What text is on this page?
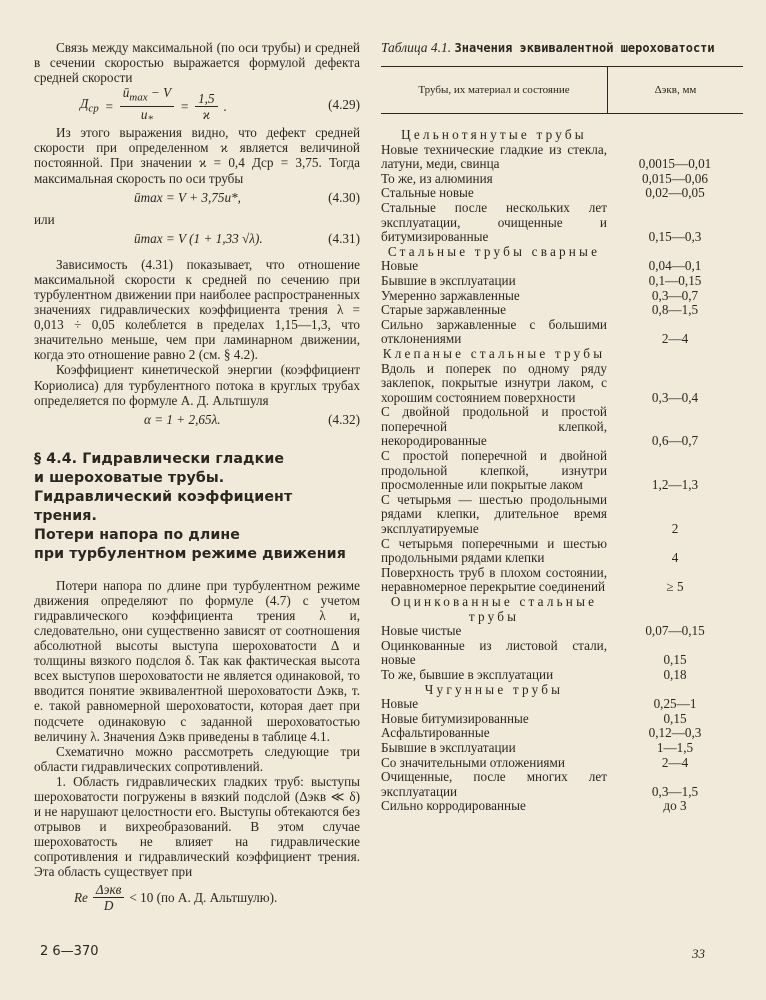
Связь между максимальной (по оси трубы) и средней в сечении скоростью выражается формулой дефекта средней скорости

$Д_{ср} = \frac{ū_{max} - V}{u_*} = \frac{1,5}{ϰ}$ .	(4.29)

Из этого выражения видно, что дефект средней скорости при определенном ϰ является величиной постоянной. При значении ϰ = 0,4 Дср = 3,75. Тогда максимальная скорость по оси трубы

ūmax = V + 3,75u*,	(4.30)

или

ūmax = V (1 + 1,33 √λ).	(4.31)

Зависимость (4.31) показывает, что отношение максимальной скорости к средней по сечению при турбулентном движении при наиболее распространенных значениях гидравлических коэффициента трения λ = 0,013 ÷ 0,05 колеблется в пределах 1,15—1,3, что значительно меньше, чем при ламинарном движении, когда это отношение равно 2 (см. § 4.2).

Коэффициент кинетической энергии (коэффициент Кориолиса) для турбулентного потока в круглых трубах определяется по формуле А. Д. Альтшуля

α = 1 + 2,65λ.	(4.32)
§ 4.4. Гидравлически гладкие
и шероховатые трубы.
Гидравлический коэффициент трения.
Потери напора по длине
при турбулентном режиме движения

Потери напора по длине при турбулентном режиме движения определяют по формуле (4.7) с учетом гидравлического коэффициента трения λ и, следовательно, они существенно зависят от соотношения абсолютной высоты выступа шероховатости Δ и толщины вязкого подслоя δ. Так как фактическая высота всех выступов шероховатости не является одинаковой, то вводится понятие эквивалентной шероховатости Δэкв, т. е. такой равномерной шероховатости, которая дает при подсчете одинаковую с заданной шероховатостью величину λ. Значения Δэкв приведены в таблице 4.1.

Схематично можно рассмотреть следующие три области гидравлических сопротивлений.

1. Область гидравлических гладких труб: выступы шероховатости погружены в вязкий подслой (Δэкв ≪ δ) и не нарушают целостности его. Выступы обтекаются без отрывов и вихреобразований. В этом случае шероховатость не влияет на гидравлические сопротивления и гидравлический коэффициент трения. Эта область существует при

Re $\frac{\text{Δэкв}}{D} < 10$ (по А. Д. Альтшулю).

Таблица 4.1. Значения эквивалентной шероховатости
Трубы, их материал и состояние	Δэкв, мм
Цельнотянутые трубы
Новые технические гладкие из стекла, латуни, меди, свинца	0,0015—0,01
То же, из алюминия	0,015—0,06
Стальные новые	0,02—0,05
Стальные после нескольких лет эксплуатации, очищенные и битумизированные	0,15—0,3
Стальные трубы сварные
Новые	0,04—0,1
Бывшие в эксплуатации	0,1—0,15
Умеренно заржавленные	0,3—0,7
Старые заржавленные	0,8—1,5
Сильно заржавленные с большими отклонениями	2—4
Клепаные стальные трубы
Вдоль и поперек по одному ряду заклепок, покрытые изнутри лаком, с хорошим состоянием поверхности	0,3—0,4
С двойной продольной и простой поперечной клепкой, некородированные	0,6—0,7
С простой поперечной и двойной продольной клепкой, изнутри просмоленные или покрытые лаком	1,2—1,3
С четырьмя — шестью продольными рядами клепки, длительное время эксплуатируемые	2
С четырьмя поперечными и шестью продольными рядами клепки	4
Поверхность труб в плохом состоянии, неравномерное перекрытие соединений	≥ 5
Оцинкованные стальные трубы
Новые чистые	0,07—0,15
Оцинкованные из листовой стали, новые	0,15
То же, бывшие в эксплуатации	0,18
Чугунные трубы
Новые	0,25—1
Новые битумизированные	0,15
Асфальтированные	0,12—0,3
Бывшие в эксплуатации	1—1,5
Со значительными отложениями	2—4
Очищенные, после многих лет эксплуатации	0,3—1,5
Сильно корродированные	до 3
2 6—370	33
